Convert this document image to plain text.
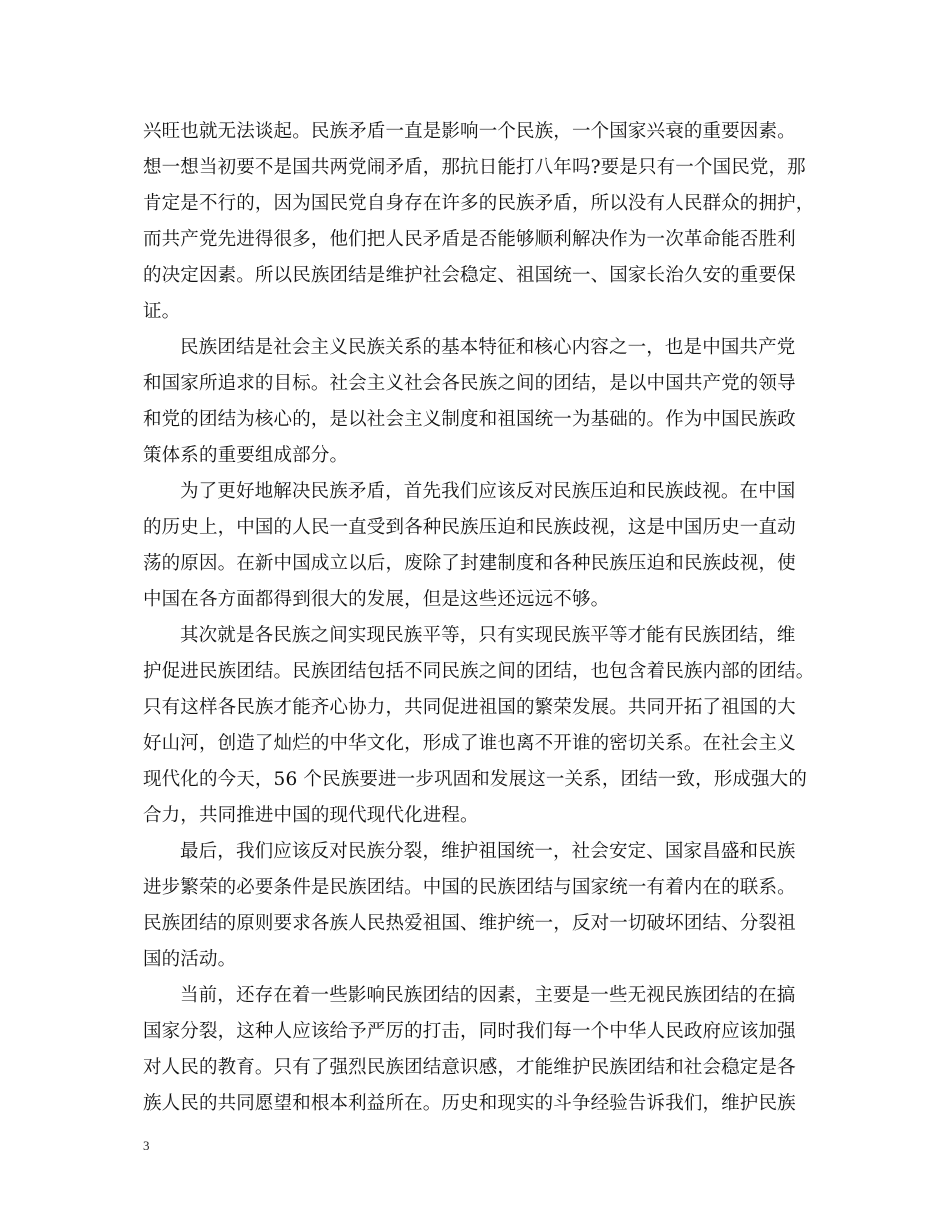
兴旺也就无法谈起。民族矛盾一直是影响一个民族，一个国家兴衰的重要因素。
想一想当初要不是国共两党闹矛盾，那抗日能打八年吗?要是只有一个国民党，那
肯定是不行的，因为国民党自身存在许多的民族矛盾，所以没有人民群众的拥护，
而共产党先进得很多，他们把人民矛盾是否能够顺利解决作为一次革命能否胜利
的决定因素。所以民族团结是维护社会稳定、祖国统一、国家长治久安的重要保
证。
民族团结是社会主义民族关系的基本特征和核心内容之一，也是中国共产党
和国家所追求的目标。社会主义社会各民族之间的团结，是以中国共产党的领导
和党的团结为核心的，是以社会主义制度和祖国统一为基础的。作为中国民族政
策体系的重要组成部分。
为了更好地解决民族矛盾，首先我们应该反对民族压迫和民族歧视。在中国
的历史上，中国的人民一直受到各种民族压迫和民族歧视，这是中国历史一直动
荡的原因。在新中国成立以后，废除了封建制度和各种民族压迫和民族歧视，使
中国在各方面都得到很大的发展，但是这些还远远不够。
其次就是各民族之间实现民族平等，只有实现民族平等才能有民族团结，维
护促进民族团结。民族团结包括不同民族之间的团结，也包含着民族内部的团结。
只有这样各民族才能齐心协力，共同促进祖国的繁荣发展。共同开拓了祖国的大
好山河，创造了灿烂的中华文化，形成了谁也离不开谁的密切关系。在社会主义
现代化的今天，56 个民族要进一步巩固和发展这一关系，团结一致，形成强大的
合力，共同推进中国的现代现代化进程。
最后，我们应该反对民族分裂，维护祖国统一，社会安定、国家昌盛和民族
进步繁荣的必要条件是民族团结。中国的民族团结与国家统一有着内在的联系。
民族团结的原则要求各族人民热爱祖国、维护统一，反对一切破坏团结、分裂祖
国的活动。
当前，还存在着一些影响民族团结的因素，主要是一些无视民族团结的在搞
国家分裂，这种人应该给予严厉的打击，同时我们每一个中华人民政府应该加强
对人民的教育。只有了强烈民族团结意识感，才能维护民族团结和社会稳定是各
族人民的共同愿望和根本利益所在。历史和现实的斗争经验告诉我们，维护民族
3
